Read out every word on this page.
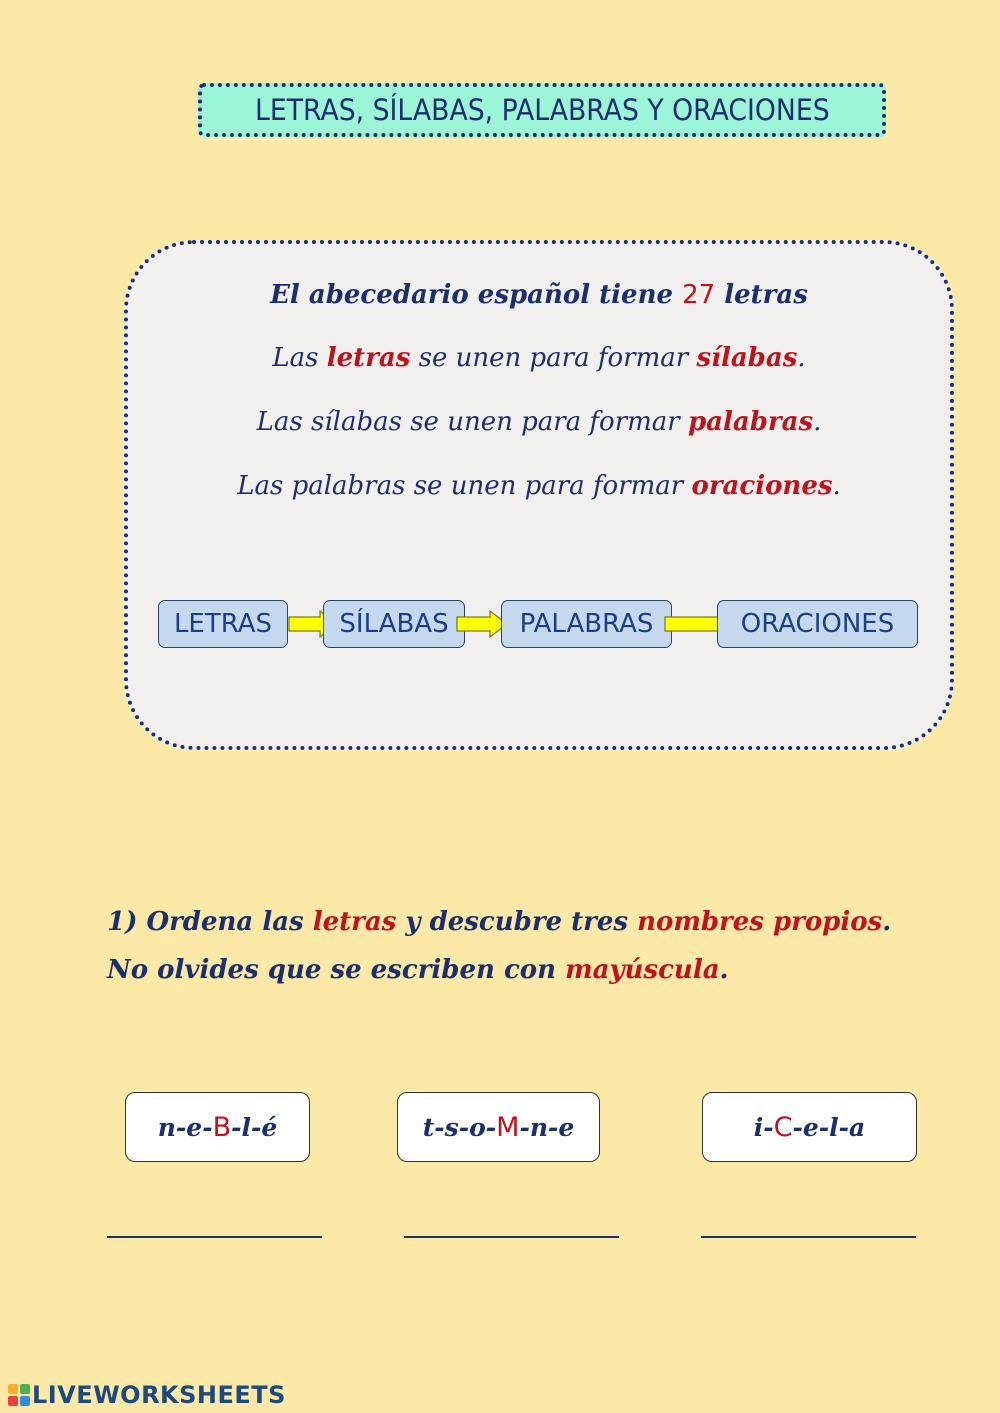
LETRAS, SÍLABAS, PALABRAS Y ORACIONES
El abecedario español tiene 27 letras
Las letras se unen para formar sílabas.
Las sílabas se unen para formar palabras.
Las palabras se unen para formar oraciones.
LETRAS	SÍLABAS	PALABRAS	ORACIONES
1) Ordena las letras y descubre tres nombres propios. No olvides que se escriben con mayúscula.
n-e- B -l-é	t-s-o- M -n-e	i- C -e-l-a
LIVEWORKSHEETS
